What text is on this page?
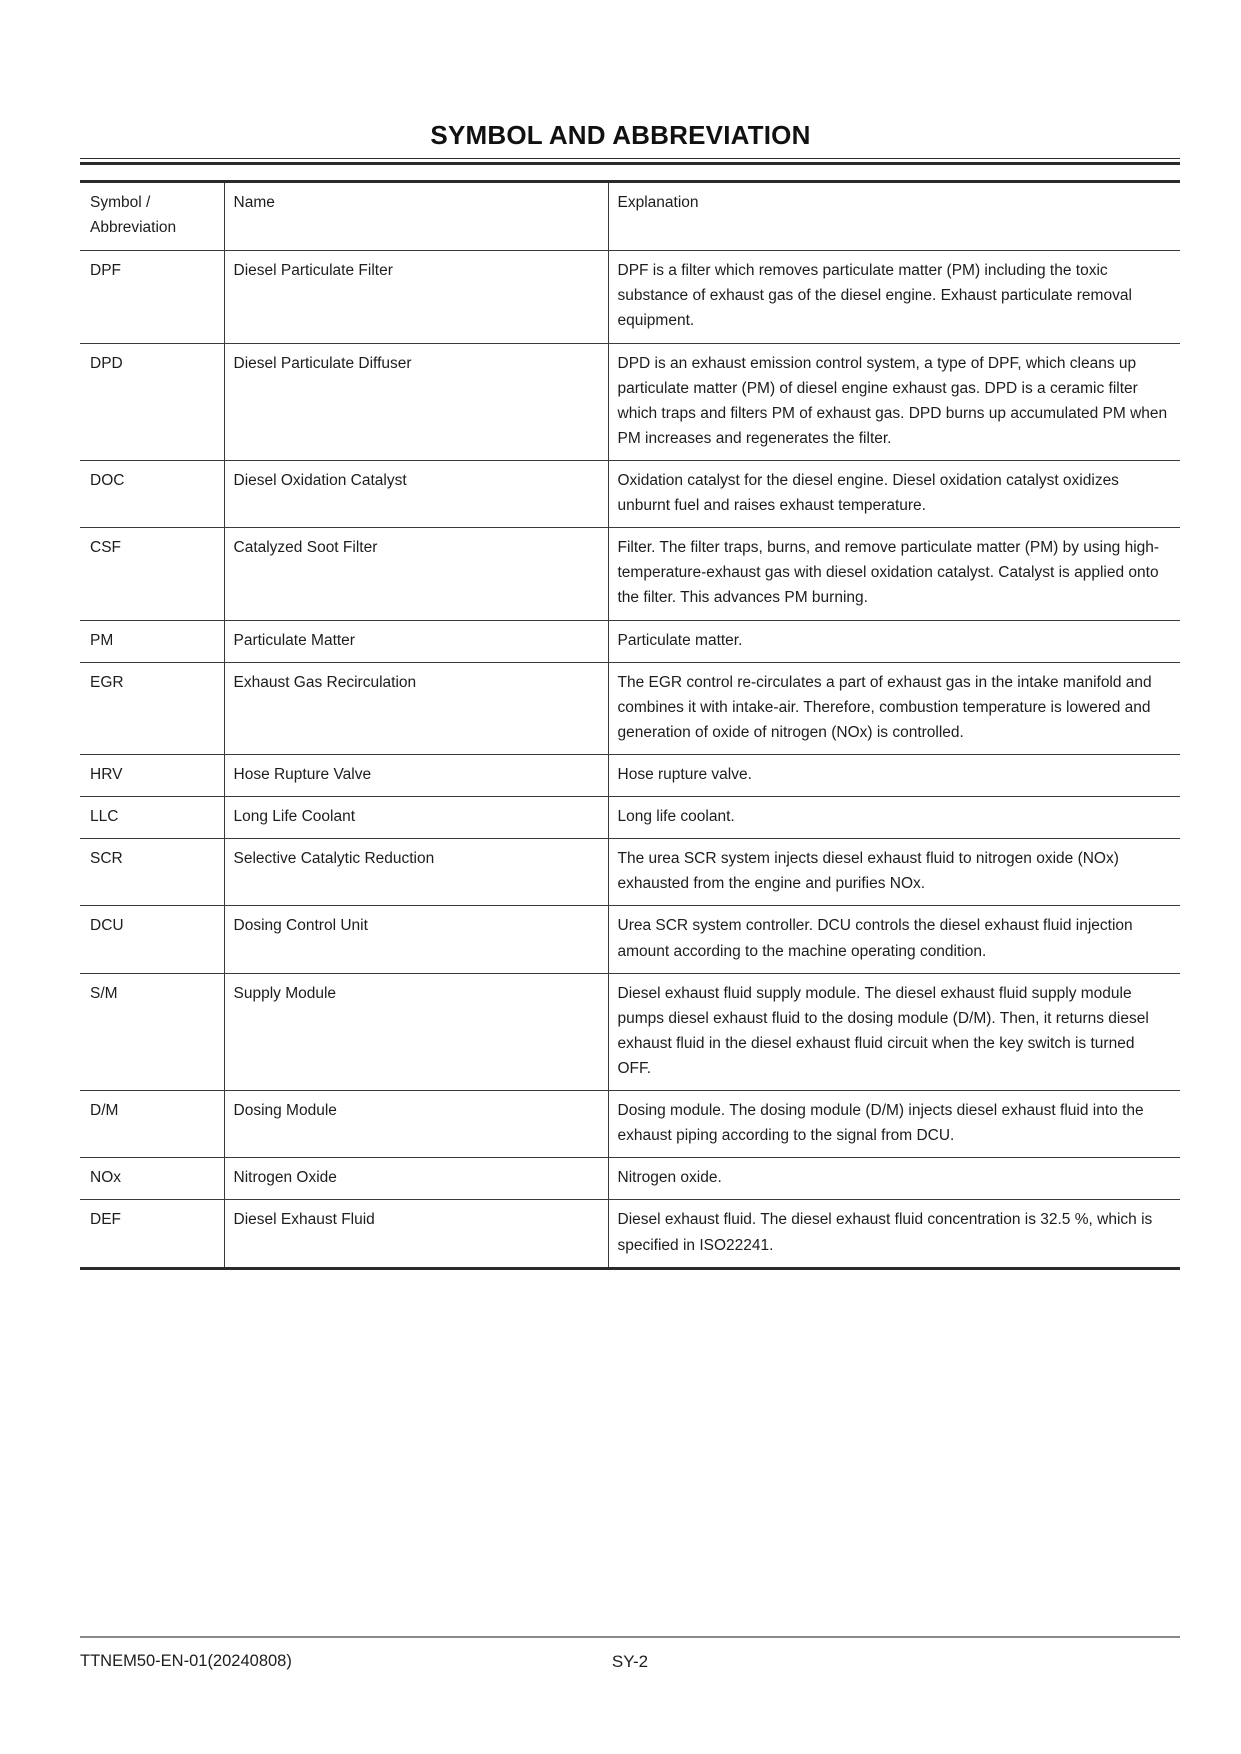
SYMBOL AND ABBREVIATION
Symbol /
Abbreviation	Name	Explanation
DPF	Diesel Particulate Filter	DPF is a filter which removes particulate matter (PM) including the toxic substance of exhaust gas of the diesel engine. Exhaust particulate removal equipment.
DPD	Diesel Particulate Diffuser	DPD is an exhaust emission control system, a type of DPF, which cleans up particulate matter (PM) of diesel engine exhaust gas. DPD is a ceramic filter which traps and filters PM of exhaust gas. DPD burns up accumulated PM when PM increases and regenerates the filter.
DOC	Diesel Oxidation Catalyst	Oxidation catalyst for the diesel engine. Diesel oxidation catalyst oxidizes unburnt fuel and raises exhaust temperature.
CSF	Catalyzed Soot Filter	Filter. The filter traps, burns, and remove particulate matter (PM) by using high-temperature-exhaust gas with diesel oxidation catalyst. Catalyst is applied onto the filter. This advances PM burning.
PM	Particulate Matter	Particulate matter.
EGR	Exhaust Gas Recirculation	The EGR control re-circulates a part of exhaust gas in the intake manifold and combines it with intake-air. Therefore, combustion temperature is lowered and generation of oxide of nitrogen (NOx) is controlled.
HRV	Hose Rupture Valve	Hose rupture valve.
LLC	Long Life Coolant	Long life coolant.
SCR	Selective Catalytic Reduction	The urea SCR system injects diesel exhaust fluid to nitrogen oxide (NOx) exhausted from the engine and purifies NOx.
DCU	Dosing Control Unit	Urea SCR system controller. DCU controls the diesel exhaust fluid injection amount according to the machine operating condition.
S/M	Supply Module	Diesel exhaust fluid supply module. The diesel exhaust fluid supply module pumps diesel exhaust fluid to the dosing module (D/M). Then, it returns diesel exhaust fluid in the diesel exhaust fluid circuit when the key switch is turned OFF.
D/M	Dosing Module	Dosing module. The dosing module (D/M) injects diesel exhaust fluid into the exhaust piping according to the signal from DCU.
NOx	Nitrogen Oxide	Nitrogen oxide.
DEF	Diesel Exhaust Fluid	Diesel exhaust fluid. The diesel exhaust fluid concentration is 32.5 %, which is specified in ISO22241.
TTNEM50-EN-01(20240808)	SY-2
